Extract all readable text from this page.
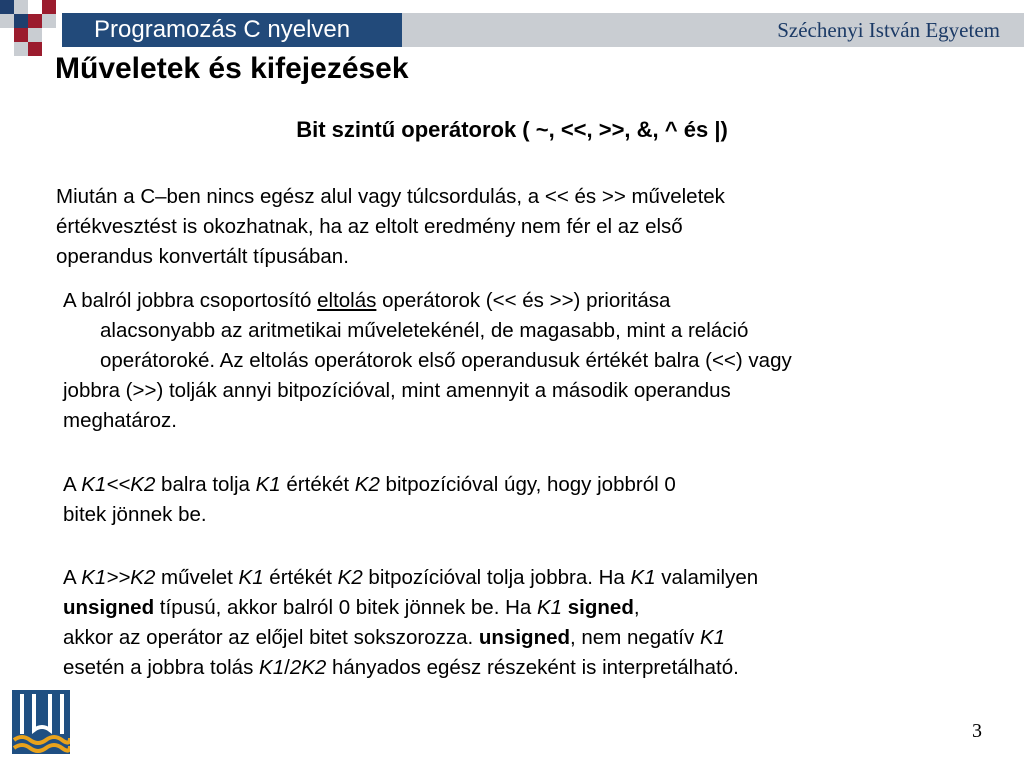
Programozás C nyelven	Széchenyi István Egyetem
Műveletek és kifejezések
Bit szintű operátorok ( ~, <<, >>, &, ^ és |)

Miután a C–ben nincs egész alul vagy túlcsordulás, a << és >> műveletek
értékvesztést is okozhatnak, ha az eltolt eredmény nem fér el az első
operandus konvertált típusában.

A balról jobbra csoportosító eltolás operátorok (<< és >>) prioritása
alacsonyabb az aritmetikai műveletekénél, de magasabb, mint a reláció
operátoroké. Az eltolás operátorok első operandusuk értékét balra (<<) vagy
jobbra (>>) tolják annyi bitpozícióval, mint amennyit a második operandus
meghatároz.

A K1<<K2 balra tolja K1 értékét K2 bitpozícióval úgy, hogy jobbról 0
bitek jönnek be.

A K1>>K2 művelet K1 értékét K2 bitpozícióval tolja jobbra. Ha K1 valamilyen
unsigned típusú, akkor balról 0 bitek jönnek be. Ha K1 signed,
akkor az operátor az előjel bitet sokszorozza. unsigned, nem negatív K1
esetén a jobbra tolás K1/2K2 hányados egész részeként is interpretálható.

3
